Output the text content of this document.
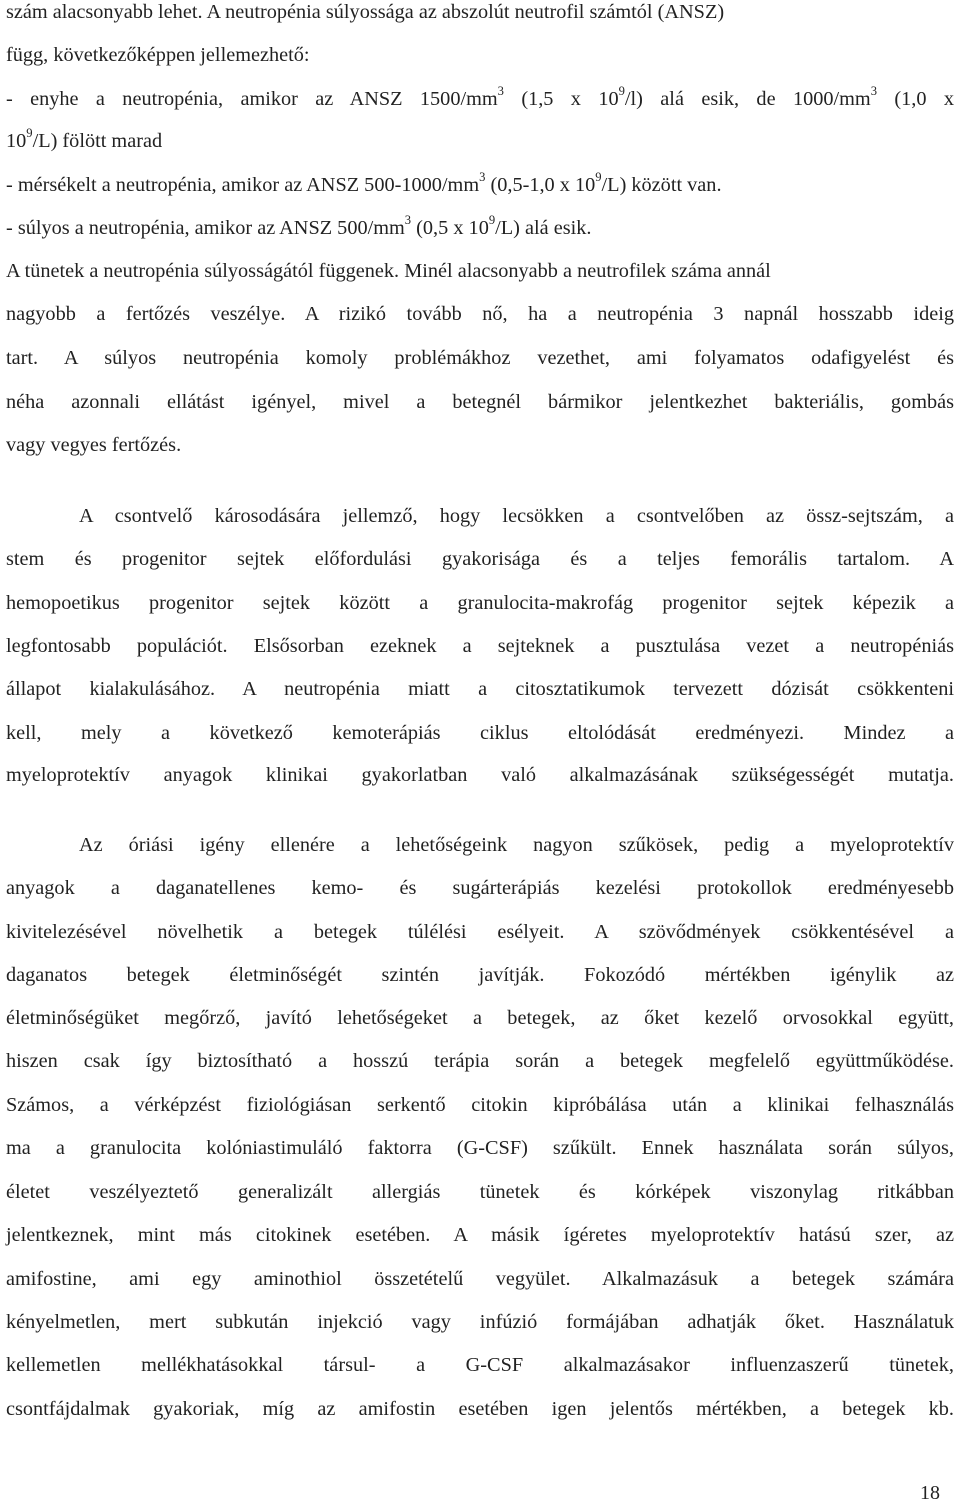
szám alacsonyabb lehet. A neutropénia súlyossága az abszolút neutrofil számtól (ANSZ)
függ, következőképpen jellemezhető:
- enyhe a neutropénia, amikor az ANSZ $1500/mm^3$ (1,5 x $10^9/l$) alá esik, de $1000/mm^3$ (1,0 x
$10^9/L$) fölött marad
- mérsékelt a neutropénia, amikor az ANSZ $500-1000/mm^3$ (0,5-1,0 x $10^9/L$) között van.
- súlyos a neutropénia, amikor az ANSZ $500/mm^3$ (0,5 x $10^9/L$) alá esik.
A tünetek a neutropénia súlyosságától függenek. Minél alacsonyabb a neutrofilek száma annál
nagyobb a fertőzés veszélye. A rizikó tovább nő, ha a neutropénia 3 napnál hosszabb ideig
tart. A súlyos neutropénia komoly problémákhoz vezethet, ami folyamatos odafigyelést és
néha azonnali ellátást igényel, mivel a betegnél bármikor jelentkezhet bakteriális, gombás
vagy vegyes fertőzés.
A csontvelő károsodására jellemző, hogy lecsökken a csontvelőben az össz-sejtszám, a
stem és progenitor sejtek előfordulási gyakorisága és a teljes femorális tartalom. A
hemopoetikus progenitor sejtek között a granulocita-makrofág progenitor sejtek képezik a
legfontosabb populációt. Elsősorban ezeknek a sejteknek a pusztulása vezet a neutropéniás
állapot kialakulásához. A neutropénia miatt a citosztatikumok tervezett dózisát csökkenteni
kell, mely a következő kemoterápiás ciklus eltolódását eredményezi. Mindez a
myeloprotektív anyagok klinikai gyakorlatban való alkalmazásának szükségességét mutatja.
Az óriási igény ellenére a lehetőségeink nagyon szűkösek, pedig a myeloprotektív
anyagok a daganatellenes kemo- és sugárterápiás kezelési protokollok eredményesebb
kivitelezésével növelhetik a betegek túlélési esélyeit. A szövődmények csökkentésével a
daganatos betegek életminőségét szintén javítják. Fokozódó mértékben igénylik az
életminőségüket megőrző, javító lehetőségeket a betegek, az őket kezelő orvosokkal együtt,
hiszen csak így biztosítható a hosszú terápia során a betegek megfelelő együttműködése.
Számos, a vérképzést fiziológiásan serkentő citokin kipróbálása után a klinikai felhasználás
ma a granulocita kolóniastimuláló faktorra (G-CSF) szűkült. Ennek használata során súlyos,
életet veszélyeztető generalizált allergiás tünetek és kórképek viszonylag ritkábban
jelentkeznek, mint más citokinek esetében. A másik ígéretes myeloprotektív hatású szer, az
amifostine, ami egy aminothiol összetételű vegyület. Alkalmazásuk a betegek számára
kényelmetlen, mert subkután injekció vagy infúzió formájában adhatják őket. Használatuk
kellemetlen mellékhatásokkal társul- a G-CSF alkalmazásakor influenzaszerű tünetek,
csontfájdalmak gyakoriak, míg az amifostin esetében igen jelentős mértékben, a betegek kb.
18
